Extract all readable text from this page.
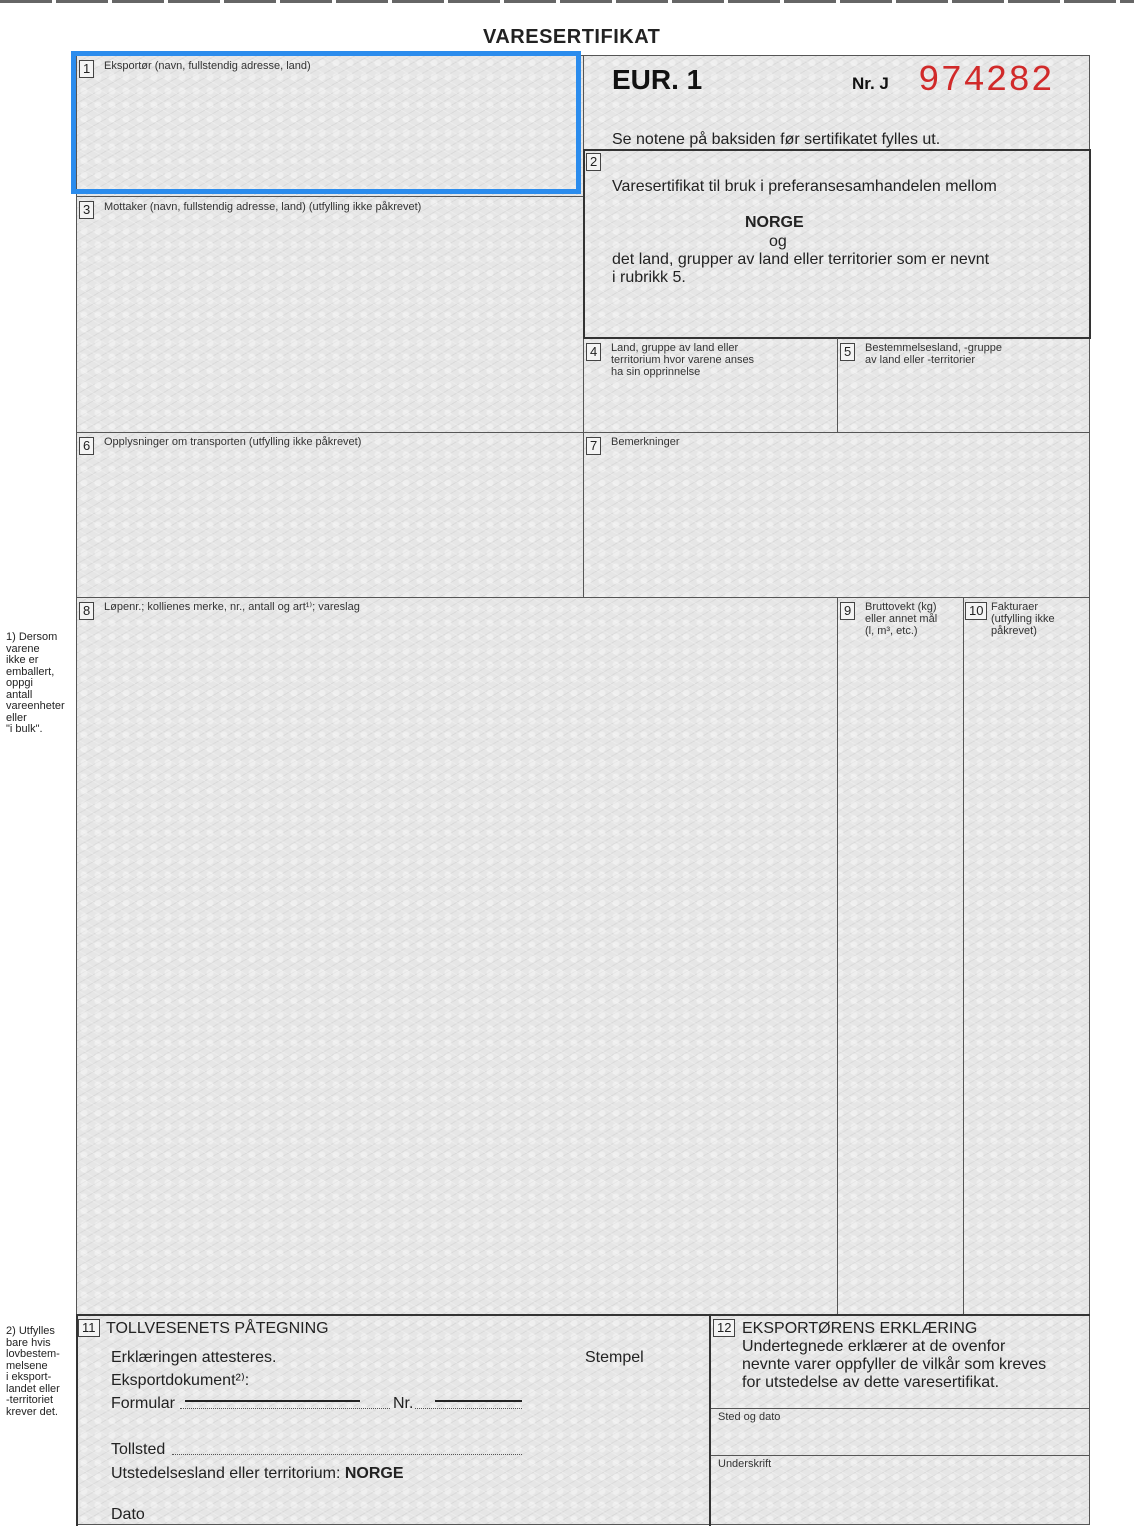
VARESERTIFIKAT
1	Eksportør (navn, fullstendig adresse, land)	EUR. 1	Nr. J 974282
Se notene på baksiden før sertifikatet fylles ut.
2
Varesertifikat til bruk i preferansesamhandelen mellom
NORGE
og
det land, grupper av land eller territorier som er nevnt
i rubrikk 5.
3	Mottaker (navn, fullstendig adresse, land) (utfylling ikke påkrevet)
4	Land, gruppe av land eller
territorium hvor varene anses
ha sin opprinnelse
5	Bestemmelsesland, -gruppe
av land eller -territorier
6	Opplysninger om transporten (utfylling ikke påkrevet)	7	Bemerkninger
8	Løpenr.; kollienes merke, nr., antall og art¹⁾; vareslag	9	Bruttovekt (kg)
eller annet mål
(l, m³, etc.)
10 Fakturaer
(utfylling ikke
påkrevet)
1) Dersom
varene
ikke er
emballert,
oppgi
antall
vareenheter
eller
"i bulk".
2) Utfylles
bare hvis
lovbestem-
melsene
i eksport-
landet eller
-territoriet
krever det.
11 TOLLVESENETS PÅTEGNING
Erklæringen attesteres.	Stempel
Eksportdokument²⁾:
Formular	Nr.
Tollsted
Utstedelsesland eller territorium: NORGE
Dato
12 EKSPORTØRENS ERKLÆRING
Undertegnede erklærer at de ovenfor
nevnte varer oppfyller de vilkår som kreves
for utstedelse av dette varesertifikat.
Sted og dato
Underskrift
